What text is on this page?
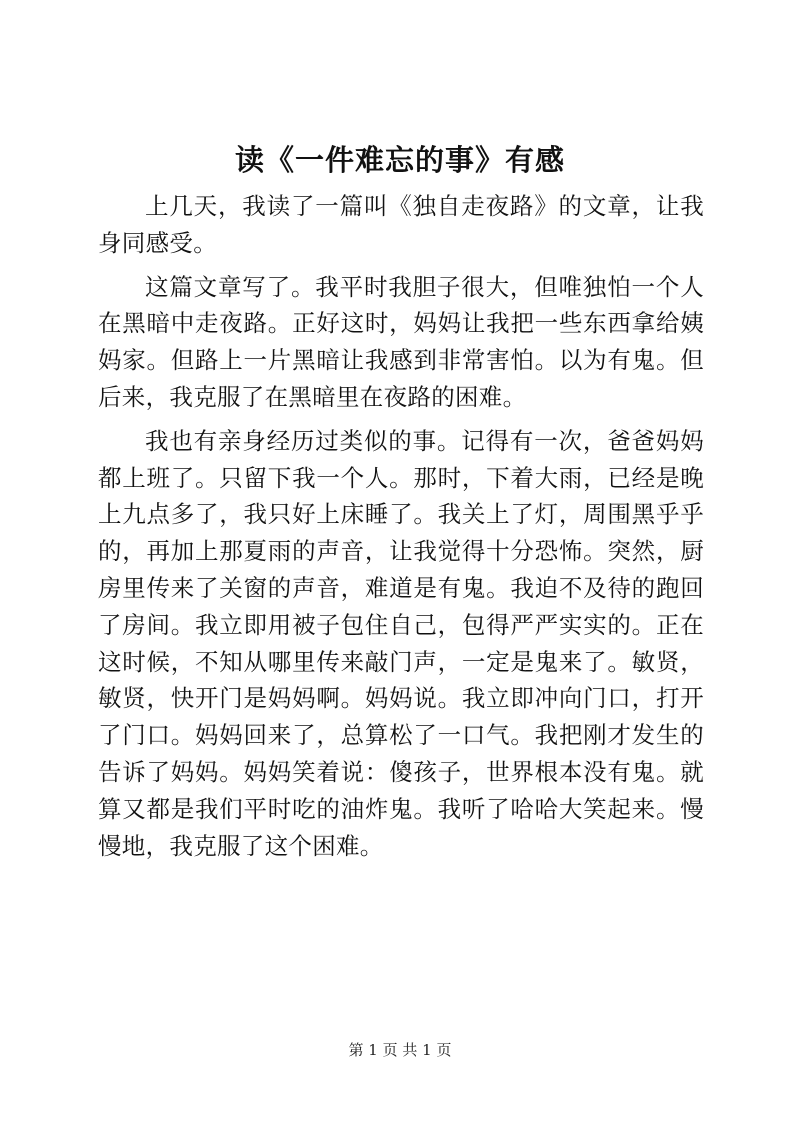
读《一件难忘的事》有感

上几天，我读了一篇叫《独自走夜路》的文章，让我身同感受。

这篇文章写了。我平时我胆子很大，但唯独怕一个人在黑暗中走夜路。正好这时，妈妈让我把一些东西拿给姨妈家。但路上一片黑暗让我感到非常害怕。以为有鬼。但后来，我克服了在黑暗里在夜路的困难。

我也有亲身经历过类似的事。记得有一次，爸爸妈妈都上班了。只留下我一个人。那时，下着大雨，已经是晚上九点多了，我只好上床睡了。我关上了灯，周围黑乎乎的，再加上那夏雨的声音，让我觉得十分恐怖。突然，厨房里传来了关窗的声音，难道是有鬼。我迫不及待的跑回了房间。我立即用被子包住自己，包得严严实实的。正在这时候，不知从哪里传来敲门声，一定是鬼来了。敏贤，敏贤，快开门是妈妈啊。妈妈说。我立即冲向门口，打开了门口。妈妈回来了，总算松了一口气。我把刚才发生的告诉了妈妈。妈妈笑着说：傻孩子，世界根本没有鬼。就算又都是我们平时吃的油炸鬼。我听了哈哈大笑起来。慢慢地，我克服了这个困难。

第 1 页 共 1 页
